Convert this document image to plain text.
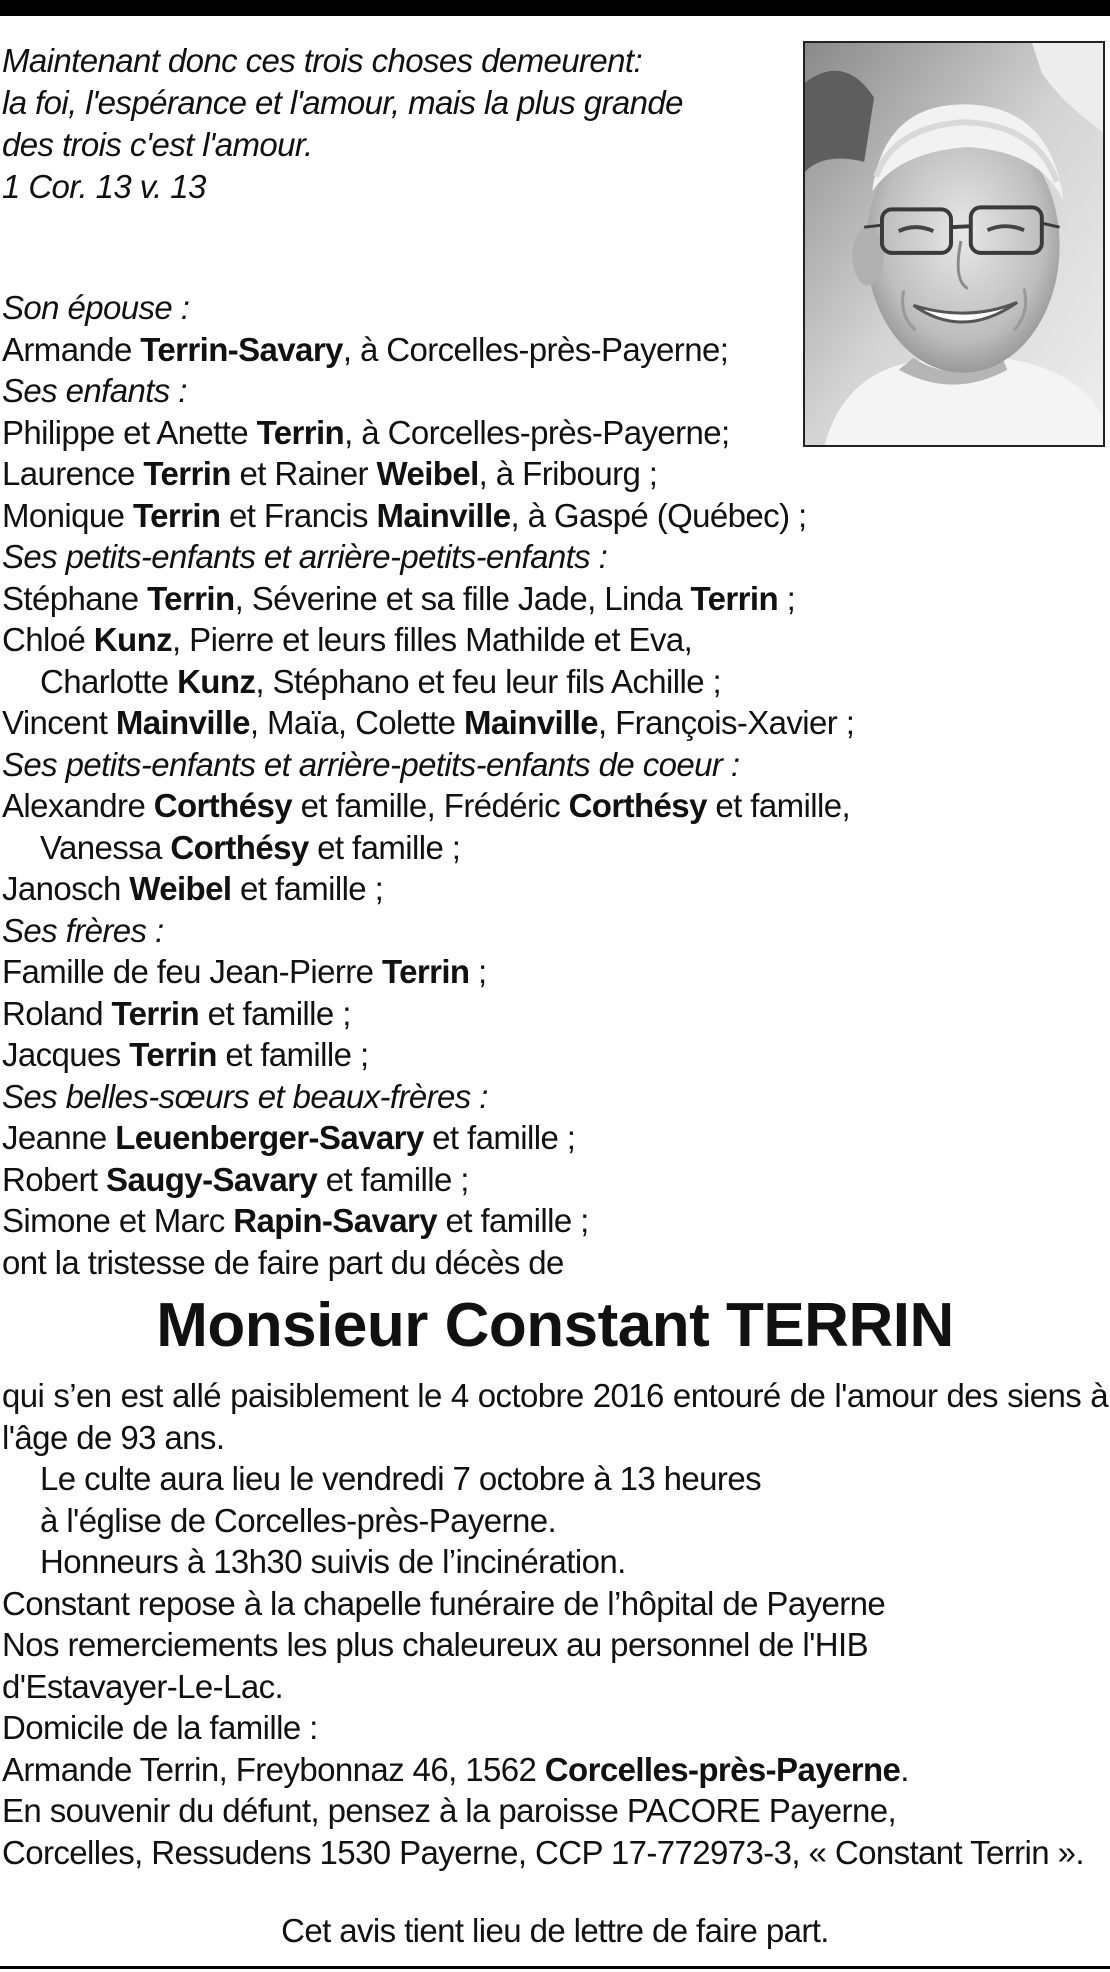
Maintenant donc ces trois choses demeurent:
la foi, l'espérance et l'amour, mais la plus grande
des trois c'est l'amour.
1 Cor. 13 v. 13
Son épouse :
Armande Terrin-Savary, à Corcelles-près-Payerne;
Ses enfants :
Philippe et Anette Terrin, à Corcelles-près-Payerne;
Laurence Terrin et Rainer Weibel, à Fribourg ;
Monique Terrin et Francis Mainville, à Gaspé (Québec) ;
Ses petits-enfants et arrière-petits-enfants :
Stéphane Terrin, Séverine et sa fille Jade, Linda Terrin ;
Chloé Kunz, Pierre et leurs filles Mathilde et Eva,
Charlotte Kunz, Stéphano et feu leur fils Achille ;
Vincent Mainville, Maïa, Colette Mainville, François-Xavier ;
Ses petits-enfants et arrière-petits-enfants de coeur :
Alexandre Corthésy et famille, Frédéric Corthésy et famille,
Vanessa Corthésy et famille ;
Janosch Weibel et famille ;
Ses frères :
Famille de feu Jean-Pierre Terrin ;
Roland Terrin et famille ;
Jacques Terrin et famille ;
Ses belles-sœurs et beaux-frères :
Jeanne Leuenberger-Savary et famille ;
Robert Saugy-Savary et famille ;
Simone et Marc Rapin-Savary et famille ;
ont la tristesse de faire part du décès de
Monsieur Constant TERRIN
qui s’en est allé paisiblement le 4 octobre 2016 entouré de l'amour des siens à l'âge de 93 ans.
Le culte aura lieu le vendredi 7 octobre à 13 heures
à l'église de Corcelles-près-Payerne.
Honneurs à 13h30 suivis de l’incinération.
Constant repose à la chapelle funéraire de l’hôpital de Payerne
Nos remerciements les plus chaleureux au personnel de l'HIB
d'Estavayer-Le-Lac.
Domicile de la famille :
Armande Terrin, Freybonnaz 46, 1562 Corcelles-près-Payerne.
En souvenir du défunt, pensez à la paroisse PACORE Payerne,
Corcelles, Ressudens 1530 Payerne, CCP 17-772973-3, « Constant Terrin ».
Cet avis tient lieu de lettre de faire part.
